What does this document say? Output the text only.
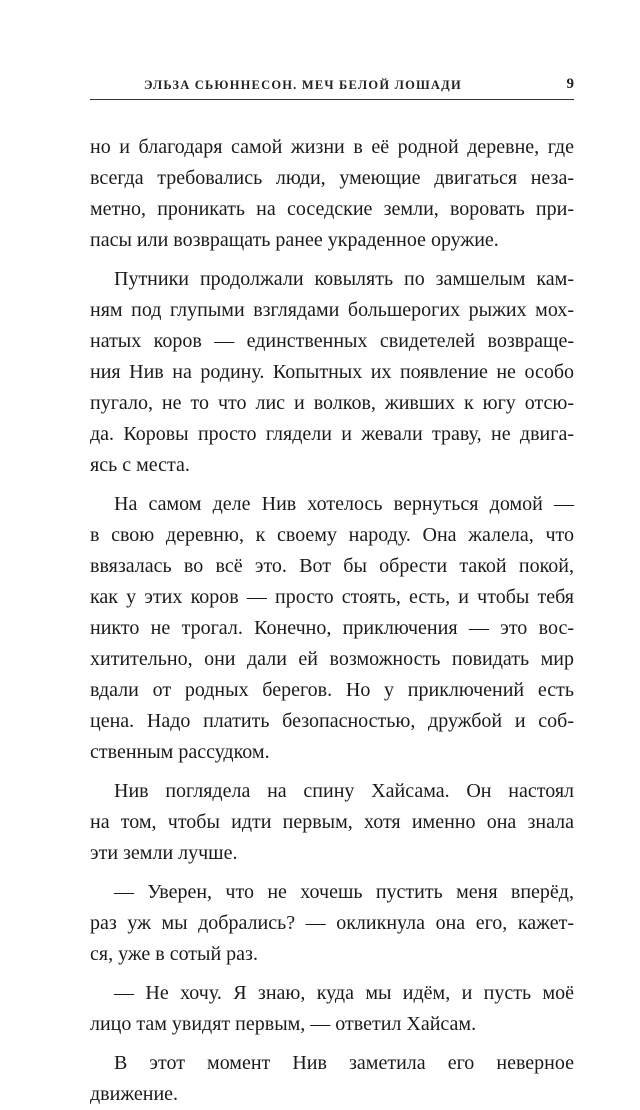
ЭЛЬЗА СЬЮННЕСОН. МЕЧ БЕЛОЙ ЛОШАДИ	9
но и благодаря самой жизни в её родной деревне, где
всегда требовались люди, умеющие двигаться неза-
метно, проникать на соседские земли, воровать при-
пасы или возвращать ранее украденное оружие.
Путники продолжали ковылять по замшелым кам-
ням под глупыми взглядами большерогих рыжих мох-
натых коров — единственных свидетелей возвраще-
ния Нив на родину. Копытных их появление не особо
пугало, не то что лис и волков, живших к югу отсю-
да. Коровы просто глядели и жевали траву, не двига-
ясь с места.
На самом деле Нив хотелось вернуться домой —
в свою деревню, к своему народу. Она жалела, что
ввязалась во всё это. Вот бы обрести такой покой,
как у этих коров — просто стоять, есть, и чтобы тебя
никто не трогал. Конечно, приключения — это вос-
хитительно, они дали ей возможность повидать мир
вдали от родных берегов. Но у приключений есть
цена. Надо платить безопасностью, дружбой и соб-
ственным рассудком.
Нив поглядела на спину Хайсама. Он настоял
на том, чтобы идти первым, хотя именно она знала
эти земли лучше.
— Уверен, что не хочешь пустить меня вперёд,
раз уж мы добрались? — окликнула она его, кажет-
ся, уже в сотый раз.
— Не хочу. Я знаю, куда мы идём, и пусть моё
лицо там увидят первым, — ответил Хайсам.
В этот момент Нив заметила его неверное
движение.
